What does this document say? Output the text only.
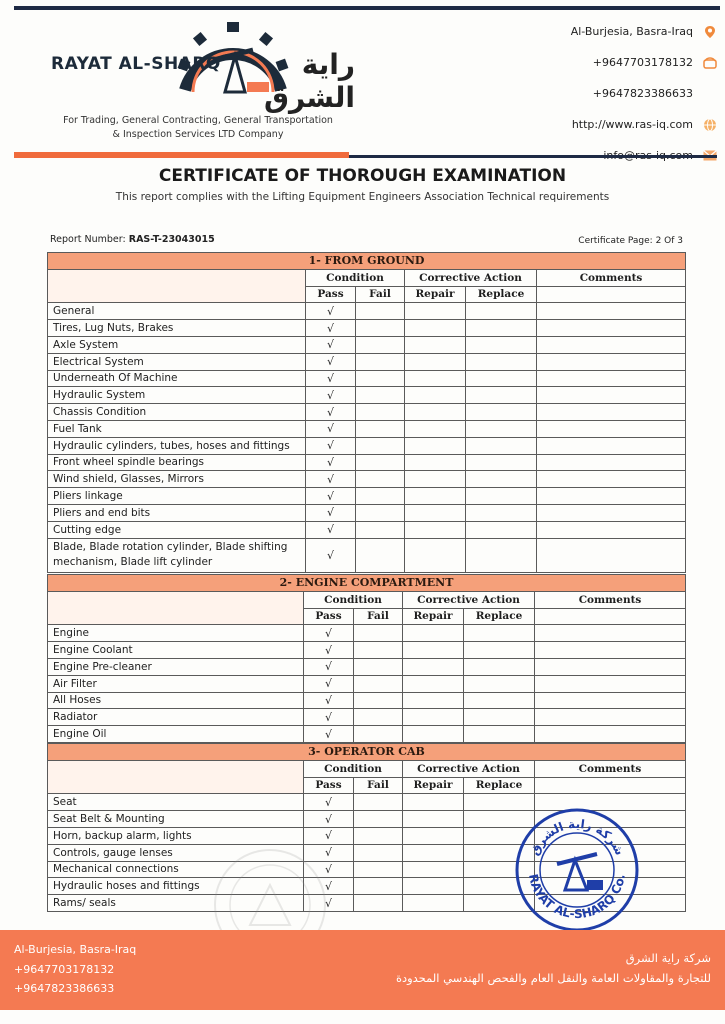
RAYAT AL-SHARQ	راية الشرق
For Trading, General Contracting, General Transportation
& Inspection Services LTD Company
Al-Burjesia, Basra-Iraq
+9647703178132
+9647823386633
http://www.ras-iq.com
CERTIFICATE OF THOROUGH EXAMINATION
This report complies with the Lifting Equipment Engineers Association Technical requirements
Report Number: RAS-T-23043015	Certificate Page: 2 Of 3
1- FROM GROUND					
	Condition		Corrective Action		Comments
	Pass	Fail	Repair	Replace	
General	√				
Tires, Lug Nuts, Brakes	√				
Axle System	√				
Electrical System	√				
Underneath Of Machine	√				
Hydraulic System	√				
Chassis Condition	√				
Fuel Tank	√				
Hydraulic cylinders, tubes, hoses and fittings	√				
Front wheel spindle bearings	√				
Wind shield, Glasses, Mirrors	√				
Pliers linkage	√				
Pliers and end bits	√				
Cutting edge	√				
Blade, Blade rotation cylinder, Blade shifting
mechanism, Blade lift cylinder	√				
2- ENGINE COMPARTMENT					
	Condition		Corrective Action		Comments
	Pass	Fail	Repair	Replace	
Engine	√				
Engine Coolant	√				
Engine Pre-cleaner	√				
Air Filter	√				
All Hoses	√				
Radiator	√				
Engine Oil	√				
3- OPERATOR CAB					
	Condition		Corrective Action		Comments
	Pass	Fail	Repair	Replace	
Seat	√				
Seat Belt & Mounting	√				
Horn, backup alarm, lights	√				
Controls, gauge lenses	√				
Mechanical connections	√				
Hydraulic hoses and fittings	√				
Rams/ seals	√				
شركة راية الشرق
RAYAT AL-SHARQ Co.
Al-Burjesia, Basra-Iraq
+9647703178132
+9647823386633
شركة راية الشرق
للتجارة والمقاولات العامة والنقل العام والفحص الهندسي المحدودة
